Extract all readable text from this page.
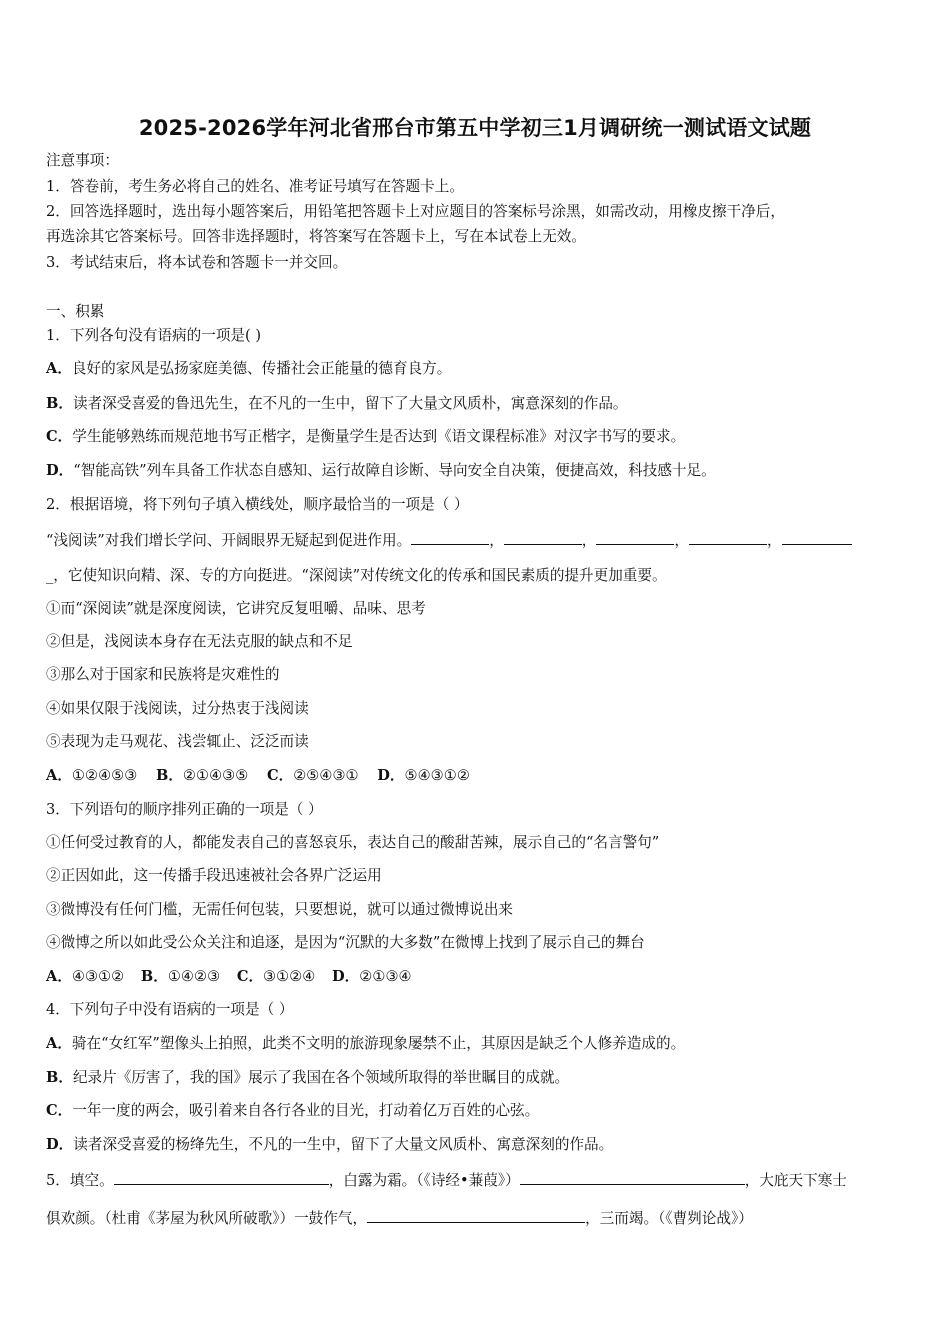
2025-2026学年河北省邢台市第五中学初三1月调研统一测试语文试题
注意事项：
1．答卷前，考生务必将自己的姓名、准考证号填写在答题卡上。
2．回答选择题时，选出每小题答案后，用铅笔把答题卡上对应题目的答案标号涂黑，如需改动，用橡皮擦干净后，
再选涂其它答案标号。回答非选择题时，将答案写在答题卡上，写在本试卷上无效。
3．考试结束后，将本试卷和答题卡一并交回。
一、积累
1．下列各句没有语病的一项是( )
A．良好的家风是弘扬家庭美德、传播社会正能量的德育良方。
B．读者深受喜爱的鲁迅先生，在不凡的一生中，留下了大量文风质朴，寓意深刻的作品。
C．学生能够熟练而规范地书写正楷字，是衡量学生是否达到《语文课程标准》对汉字书写的要求。
D．“智能高铁”列车具备工作状态自感知、运行故障自诊断、导向安全自决策，便捷高效，科技感十足。
2．根据语境，将下列句子填入横线处，顺序最恰当的一项是（ ）
“浅阅读”对我们增长学问、开阔眼界无疑起到促进作用。	，	，	，	，
_，它使知识向精、深、专的方向挺进。“深阅读”对传统文化的传承和国民素质的提升更加重要。
①而“深阅读”就是深度阅读，它讲究反复咀嚼、品味、思考
②但是，浅阅读本身存在无法克服的缺点和不足
③那么对于国家和民族将是灾难性的
④如果仅限于浅阅读，过分热衷于浅阅读
⑤表现为走马观花、浅尝辄止、泛泛而读
A．①②④⑤③ B．②①④③⑤ C．②⑤④③① D．⑤④③①②
3．下列语句的顺序排列正确的一项是（ ）
①任何受过教育的人，都能发表自己的喜怒哀乐，表达自己的酸甜苦辣，展示自己的“名言警句”
②正因如此，这一传播手段迅速被社会各界广泛运用
③微博没有任何门槛，无需任何包装，只要想说，就可以通过微博说出来
④微博之所以如此受公众关注和追逐，是因为“沉默的大多数”在微博上找到了展示自己的舞台
A．④③①② B．①④②③ C．③①②④ D．②①③④
4．下列句子中没有语病的一项是（ ）
A．骑在“女红军”塑像头上拍照，此类不文明的旅游现象屡禁不止，其原因是缺乏个人修养造成的。
B．纪录片《厉害了，我的国》展示了我国在各个领域所取得的举世瞩目的成就。
C．一年一度的两会，吸引着来自各行各业的目光，打动着亿万百姓的心弦。
D．读者深受喜爱的杨绛先生，不凡的一生中，留下了大量文风质朴、寓意深刻的作品。
5．填空。	，白露为霜。（《诗经•蒹葭》）	，大庇天下寒士
俱欢颜。（杜甫《茅屋为秋风所破歌》）一鼓作气，	，三而竭。（《曹刿论战》）
